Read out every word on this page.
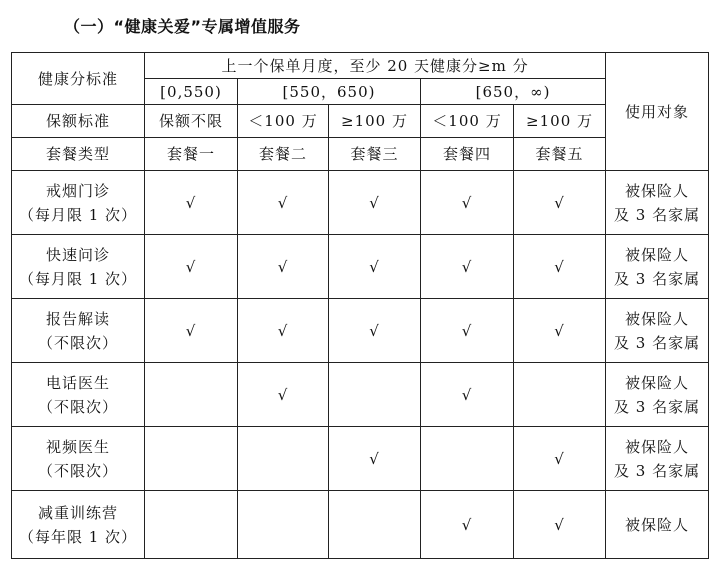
（一）“健康关爱”专属增值服务
健康分标准	上一个保单月度，至少 20 天健康分≥m 分					使用对象
	[0,550)	[550，650)		[650，∞)		
保额标准	保额不限	＜100 万	≥100 万	＜100 万	≥100 万	
套餐类型	套餐一	套餐二	套餐三	套餐四	套餐五	

戒烟门诊
（每月限 1 次）	√	√	√	√	√	被保险人
及 3 名家属

快速问诊
（每月限 1 次）	√	√	√	√	√	被保险人
及 3 名家属

报告解读
（不限次）	√	√	√	√	√	被保险人
及 3 名家属

电话医生
（不限次）		√		√		被保险人
及 3 名家属

视频医生
（不限次）			√		√	被保险人
及 3 名家属

减重训练营
（每年限 1 次）				√	√	被保险人
